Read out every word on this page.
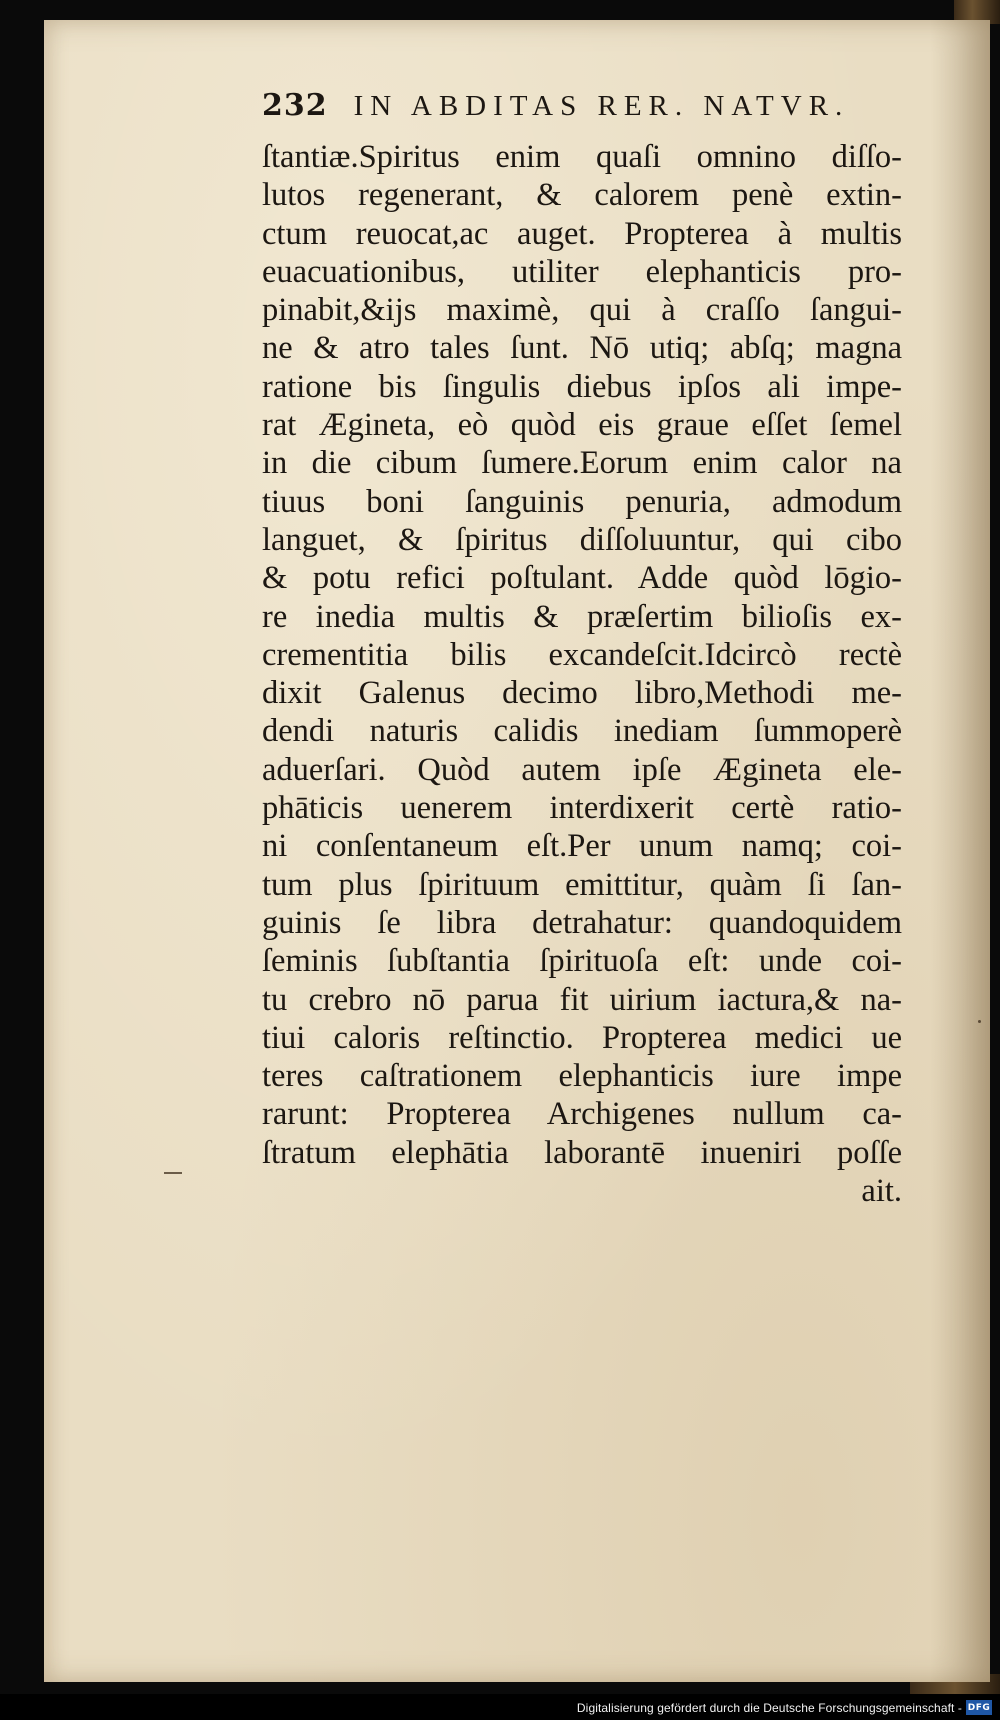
232 IN ABDITAS RER. NATVR.
ſtantiæ.Spiritus enim quaſi omnino diſſo-
lutos regenerant, & calorem penè extin-
ctum reuocat,ac auget. Propterea à multis
euacuationibus, utiliter elephanticis pro-
pinabit,&ijs maximè, qui à craſſo ſangui-
ne & atro tales ſunt. Nō utiq; abſq; magna
ratione bis ſingulis diebus ipſos ali impe-
rat Ægineta, eò quòd eis graue eſſet ſemel
in die cibum ſumere.Eorum enim calor na
tiuus boni ſanguinis penuria, admodum
languet, & ſpiritus diſſoluuntur, qui cibo
& potu refici poſtulant. Adde quòd lōgio-
re inedia multis & præſertim bilioſis ex-
crementitia bilis excandeſcit.Idcircò rectè
dixit Galenus decimo libro,Methodi me-
dendi naturis calidis inediam ſummoperè
aduerſari. Quòd autem ipſe Ægineta ele-
phāticis uenerem interdixerit certè ratio-
ni conſentaneum eſt.Per unum namq; coi-
tum plus ſpirituum emittitur, quàm ſi ſan-
guinis ſe libra detrahatur: quandoquidem
ſeminis ſubſtantia ſpirituoſa eſt: unde coi-
tu crebro nō parua fit uirium iactura,& na-
tiui caloris reſtinctio. Propterea medici ue
teres caſtrationem elephanticis iure impe
rarunt: Propterea Archigenes nullum ca-
ſtratum elephātia laborantē inueniri poſſe
ait.
Digitalisierung gefördert durch die Deutsche Forschungsgemeinschaft - DFG
